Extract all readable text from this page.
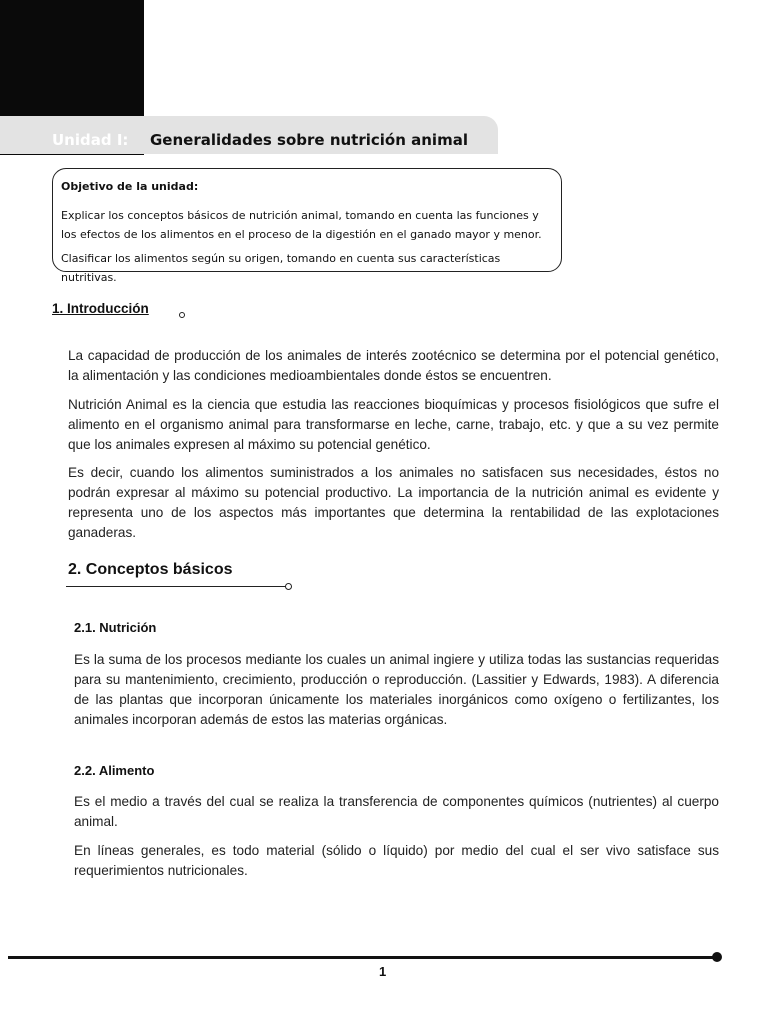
Unidad I: Generalidades sobre nutrición animal
Objetivo de la unidad:

Explicar los conceptos básicos de nutrición animal, tomando en cuenta las funciones y los efectos de los alimentos en el proceso de la digestión en el ganado mayor y menor.

Clasificar los alimentos según su origen, tomando en cuenta sus características nutritivas.

1. Introducción

La capacidad de producción de los animales de interés zootécnico se determina por el potencial genético, la alimentación y las condiciones medioambientales donde éstos se encuentren.

Nutrición Animal es la ciencia que estudia las reacciones bioquímicas y procesos fisiológicos que sufre el alimento en el organismo animal para transformarse en leche, carne, trabajo, etc. y que a su vez permite que los animales expresen al máximo su potencial genético.

Es decir, cuando los alimentos suministrados a los animales no satisfacen sus necesidades, éstos no podrán expresar al máximo su potencial productivo. La importancia de la nutrición animal es evidente y representa uno de los aspectos más importantes que determina la rentabilidad de las explotaciones ganaderas.

2. Conceptos básicos
2.1. Nutrición

Es la suma de los procesos mediante los cuales un animal ingiere y utiliza todas las sustancias requeridas para su mantenimiento, crecimiento, producción o reproducción. (Lassitier y Edwards, 1983). A diferencia de las plantas que incorporan únicamente los materiales inorgánicos como oxígeno o fertilizantes, los animales incorporan además de estos las materias orgánicas.

2.2. Alimento

Es el medio a través del cual se realiza la transferencia de componentes químicos (nutrientes) al cuerpo animal.

En líneas generales, es todo material (sólido o líquido) por medio del cual el ser vivo satisface sus requerimientos nutricionales.

1
